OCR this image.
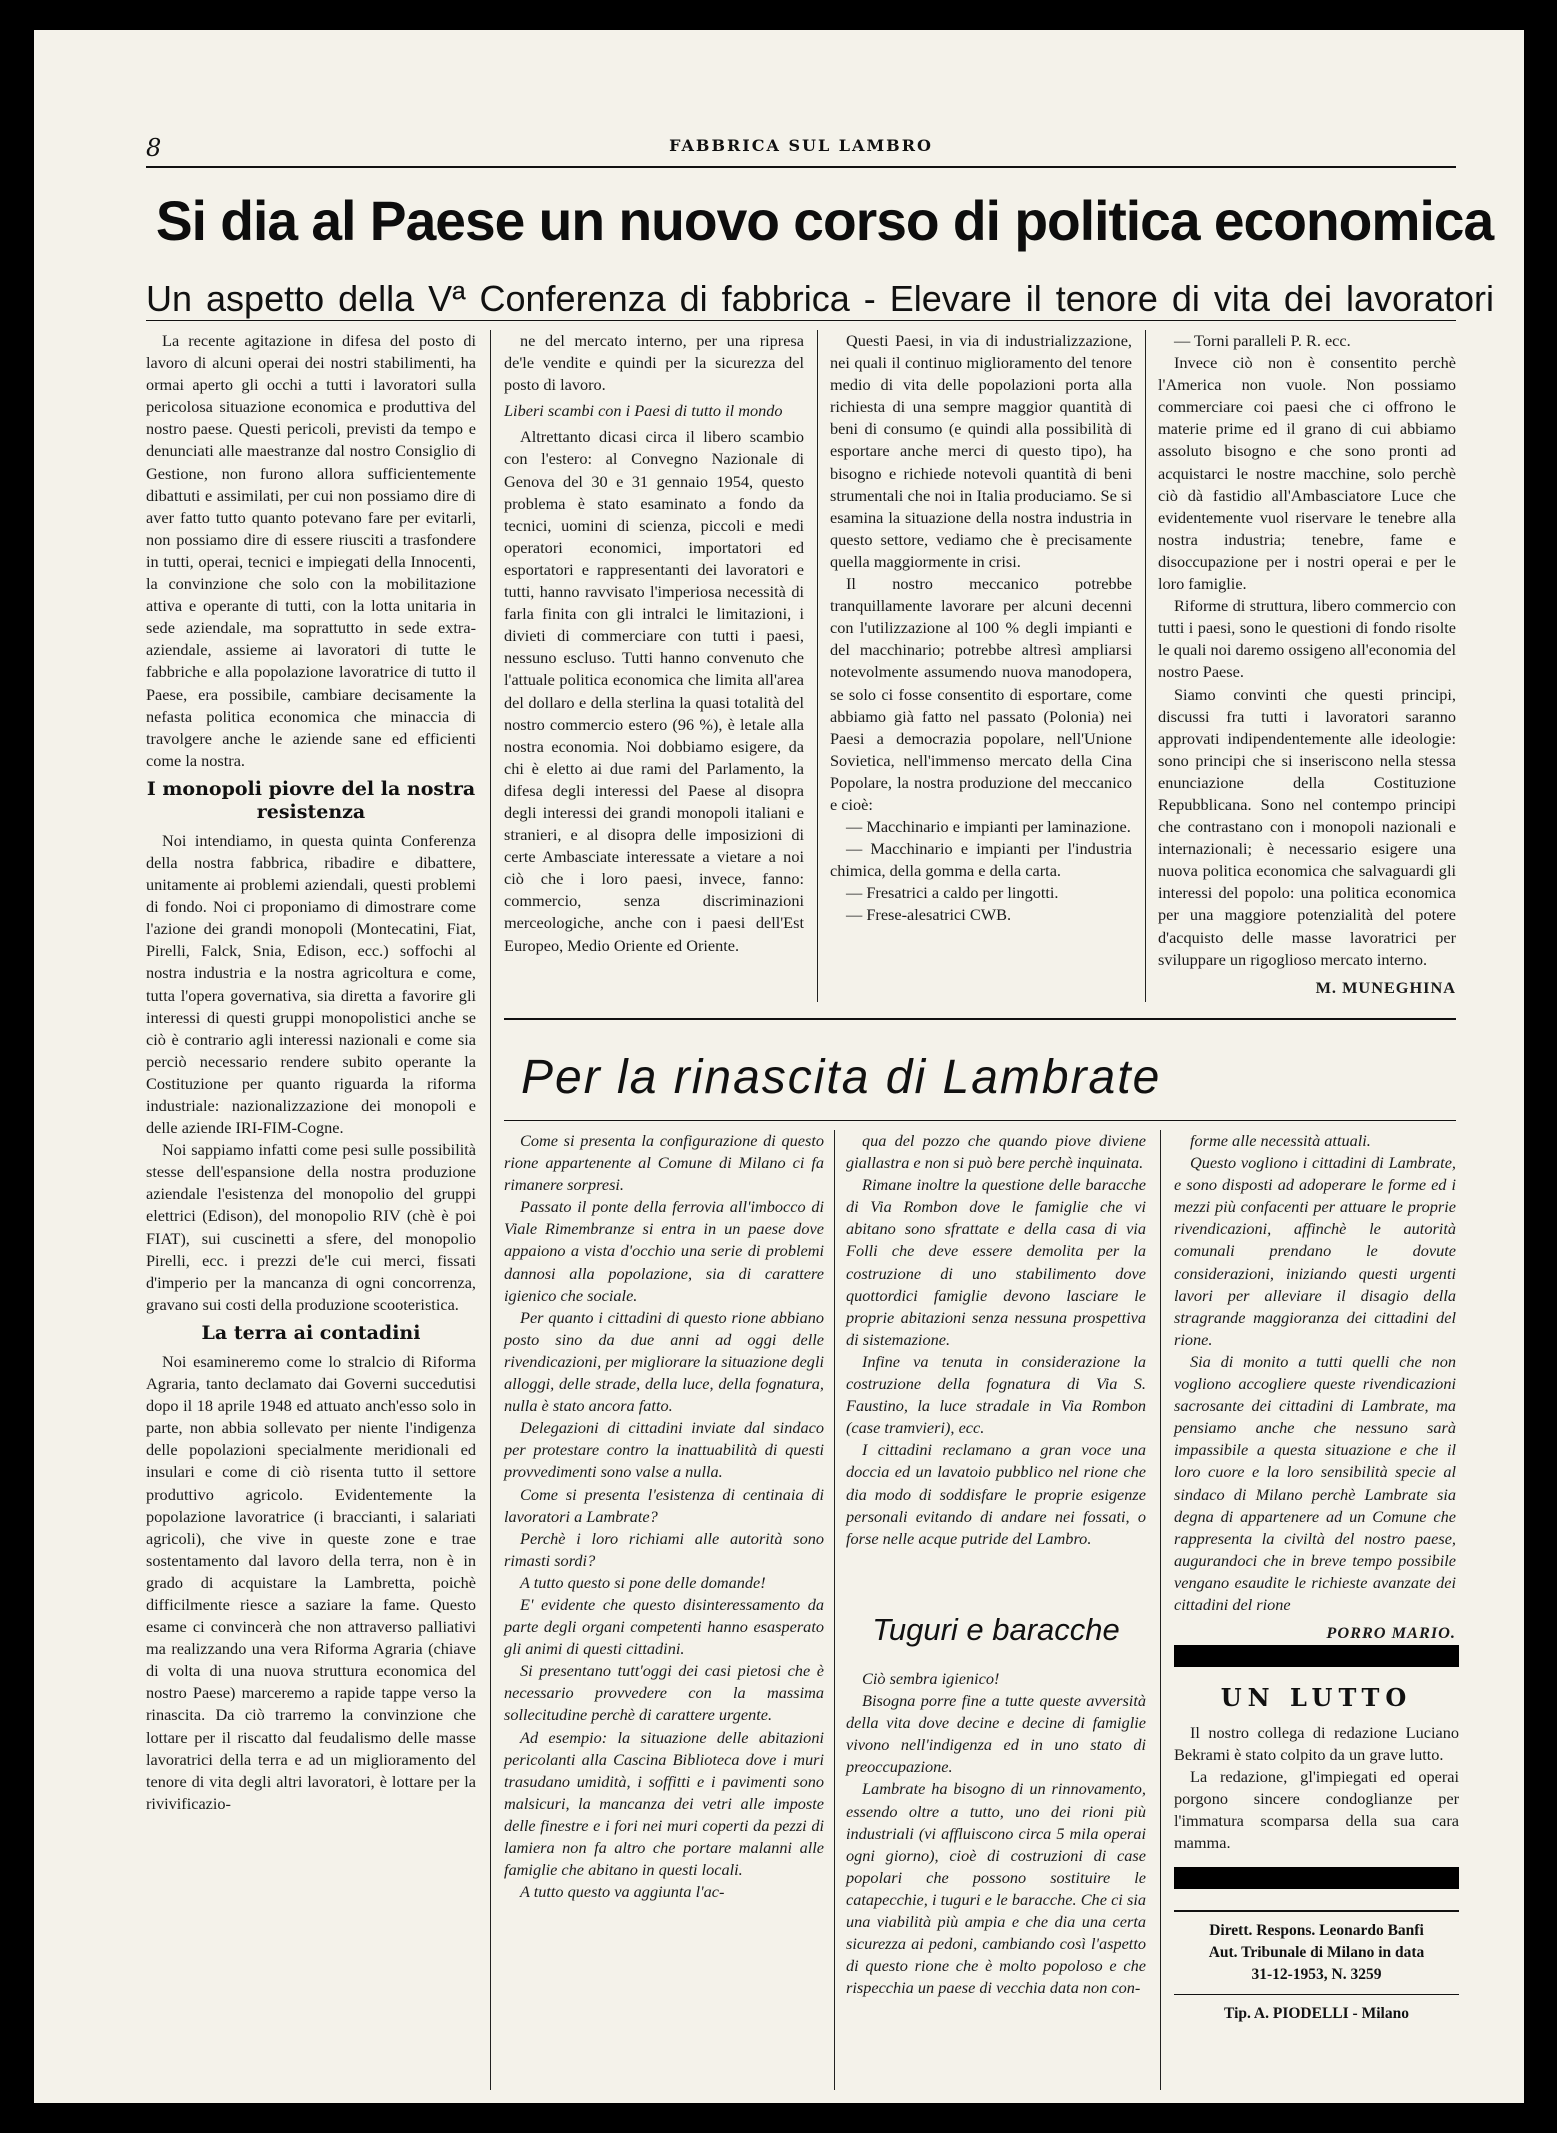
8	FABBRICA SUL LAMBRO
Si dia al Paese un nuovo corso di politica economica
Un aspetto della Vª Conferenza di fabbrica - Elevare il tenore di vita dei lavoratori

La recente agitazione in difesa del posto di lavoro di alcuni operai dei nostri stabilimenti, ha ormai aperto gli occhi a tutti i lavoratori sulla pericolosa situazione economica e produttiva del nostro paese. Questi pericoli, previsti da tempo e denunciati alle maestranze dal nostro Consiglio di Gestione, non furono allora sufficientemente dibattuti e assimilati, per cui non possiamo dire di aver fatto tutto quanto potevano fare per evitarli, non possiamo dire di essere riusciti a trasfondere in tutti, operai, tecnici e impiegati della Innocenti, la convinzione che solo con la mobilitazione attiva e operante di tutti, con la lotta unitaria in sede aziendale, ma soprattutto in sede extra-aziendale, assieme ai lavoratori di tutte le fabbriche e alla popolazione lavoratrice di tutto il Paese, era possibile, cambiare decisamente la nefasta politica economica che minaccia di travolgere anche le aziende sane ed efficienti come la nostra.

I monopoli piovre del la nostra resistenza

Noi intendiamo, in questa quinta Conferenza della nostra fabbrica, ribadire e dibattere, unitamente ai problemi aziendali, questi problemi di fondo. Noi ci proponiamo di dimostrare come l'azione dei grandi monopoli (Montecatini, Fiat, Pirelli, Falck, Snia, Edison, ecc.) soffochi al nostra industria e la nostra agricoltura e come, tutta l'opera governativa, sia diretta a favorire gli interessi di questi gruppi monopolistici anche se ciò è contrario agli interessi nazionali e come sia perciò necessario rendere subito operante la Costituzione per quanto riguarda la riforma industriale: nazionalizzazione dei monopoli e delle aziende IRI-FIM-Cogne.

Noi sappiamo infatti come pesi sulle possibilità stesse dell'espansione della nostra produzione aziendale l'esistenza del monopolio del gruppi elettrici (Edison), del monopolio RIV (chè è poi FIAT), sui cuscinetti a sfere, del monopolio Pirelli, ecc. i prezzi de'le cui merci, fissati d'imperio per la mancanza di ogni concorrenza, gravano sui costi della produzione scooteristica.

La terra ai contadini

Noi esamineremo come lo stralcio di Riforma Agraria, tanto declamato dai Governi succedutisi dopo il 18 aprile 1948 ed attuato anch'esso solo in parte, non abbia sollevato per niente l'indigenza delle popolazioni specialmente meridionali ed insulari e come di ciò risenta tutto il settore produttivo agricolo. Evidentemente la popolazione lavoratrice (i braccianti, i salariati agricoli), che vive in queste zone e trae sostentamento dal lavoro della terra, non è in grado di acquistare la Lambretta, poichè difficilmente riesce a saziare la fame. Questo esame ci convincerà che non attraverso palliativi ma realizzando una vera Riforma Agraria (chiave di volta di una nuova struttura economica del nostro Paese) marceremo a rapide tappe verso la rinascita. Da ciò trarremo la convinzione che lottare per il riscatto dal feudalismo delle masse lavoratrici della terra e ad un miglioramento del tenore di vita degli altri lavoratori, è lottare per la rivivificazio-

ne del mercato interno, per una ripresa de'le vendite e quindi per la sicurezza del posto di lavoro.

Liberi scambi con i Paesi di tutto il mondo

Altrettanto dicasi circa il libero scambio con l'estero: al Convegno Nazionale di Genova del 30 e 31 gennaio 1954, questo problema è stato esaminato a fondo da tecnici, uomini di scienza, piccoli e medi operatori economici, importatori ed esportatori e rappresentanti dei lavoratori e tutti, hanno ravvisato l'imperiosa necessità di farla finita con gli intralci le limitazioni, i divieti di commerciare con tutti i paesi, nessuno escluso. Tutti hanno convenuto che l'attuale politica economica che limita all'area del dollaro e della sterlina la quasi totalità del nostro commercio estero (96 %), è letale alla nostra economia. Noi dobbiamo esigere, da chi è eletto ai due rami del Parlamento, la difesa degli interessi del Paese al disopra degli interessi dei grandi monopoli italiani e stranieri, e al disopra delle imposizioni di certe Ambasciate interessate a vietare a noi ciò che i loro paesi, invece, fanno: commercio, senza discriminazioni merceologiche, anche con i paesi dell'Est Europeo, Medio Oriente ed Oriente.

Questi Paesi, in via di industrializzazione, nei quali il continuo miglioramento del tenore medio di vita delle popolazioni porta alla richiesta di una sempre maggior quantità di beni di consumo (e quindi alla possibilità di esportare anche merci di questo tipo), ha bisogno e richiede notevoli quantità di beni strumentali che noi in Italia produciamo. Se si esamina la situazione della nostra industria in questo settore, vediamo che è precisamente quella maggiormente in crisi.

Il nostro meccanico potrebbe tranquillamente lavorare per alcuni decenni con l'utilizzazione al 100 % degli impianti e del macchinario; potrebbe altresì ampliarsi notevolmente assumendo nuova manodopera, se solo ci fosse consentito di esportare, come abbiamo già fatto nel passato (Polonia) nei Paesi a democrazia popolare, nell'Unione Sovietica, nell'immenso mercato della Cina Popolare, la nostra produzione del meccanico e cioè:

— Macchinario e impianti per laminazione.

— Macchinario e impianti per l'industria chimica, della gomma e della carta.

— Fresatrici a caldo per lingotti.

— Frese-alesatrici CWB.

— Torni paralleli P. R. ecc.

Invece ciò non è consentito perchè l'America non vuole. Non possiamo commerciare coi paesi che ci offrono le materie prime ed il grano di cui abbiamo assoluto bisogno e che sono pronti ad acquistarci le nostre macchine, solo perchè ciò dà fastidio all'Ambasciatore Luce che evidentemente vuol riservare le tenebre alla nostra industria; tenebre, fame e disoccupazione per i nostri operai e per le loro famiglie.

Riforme di struttura, libero commercio con tutti i paesi, sono le questioni di fondo risolte le quali noi daremo ossigeno all'economia del nostro Paese.

Siamo convinti che questi principi, discussi fra tutti i lavoratori saranno approvati indipendentemente alle ideologie: sono principi che si inseriscono nella stessa enunciazione della Costituzione Repubblicana. Sono nel contempo principi che contrastano con i monopoli nazionali e internazionali; è necessario esigere una nuova politica economica che salvaguardi gli interessi del popolo: una politica economica per una maggiore potenzialità del potere d'acquisto delle masse lavoratrici per sviluppare un rigoglioso mercato interno.

M. MUNEGHINA
Per la rinascita di Lambrate

Come si presenta la configurazione di questo rione appartenente al Comune di Milano ci fa rimanere sorpresi.

Passato il ponte della ferrovia all'imbocco di Viale Rimembranze si entra in un paese dove appaiono a vista d'occhio una serie di problemi dannosi alla popolazione, sia di carattere igienico che sociale.

Per quanto i cittadini di questo rione abbiano posto sino da due anni ad oggi delle rivendicazioni, per migliorare la situazione degli alloggi, delle strade, della luce, della fognatura, nulla è stato ancora fatto.

Delegazioni di cittadini inviate dal sindaco per protestare contro la inattuabilità di questi provvedimenti sono valse a nulla.

Come si presenta l'esistenza di centinaia di lavoratori a Lambrate?

Perchè i loro richiami alle autorità sono rimasti sordi?

A tutto questo si pone delle domande!

E' evidente che questo disinteressamento da parte degli organi competenti hanno esasperato gli animi di questi cittadini.

Si presentano tutt'oggi dei casi pietosi che è necessario provvedere con la massima sollecitudine perchè di carattere urgente.

Ad esempio: la situazione delle abitazioni pericolanti alla Cascina Biblioteca dove i muri trasudano umidità, i soffitti e i pavimenti sono malsicuri, la mancanza dei vetri alle imposte delle finestre e i fori nei muri coperti da pezzi di lamiera non fa altro che portare malanni alle famiglie che abitano in questi locali.

A tutto questo va aggiunta l'ac-

qua del pozzo che quando piove diviene giallastra e non si può bere perchè inquinata.

Rimane inoltre la questione delle baracche di Via Rombon dove le famiglie che vi abitano sono sfrattate e della casa di via Folli che deve essere demolita per la costruzione di uno stabilimento dove quottordici famiglie devono lasciare le proprie abitazioni senza nessuna prospettiva di sistemazione.

Infine va tenuta in considerazione la costruzione della fognatura di Via S. Faustino, la luce stradale in Via Rombon (case tramvieri), ecc.

I cittadini reclamano a gran voce una doccia ed un lavatoio pubblico nel rione che dia modo di soddisfare le proprie esigenze personali evitando di andare nei fossati, o forse nelle acque putride del Lambro.

Tuguri e baracche

Ciò sembra igienico!

Bisogna porre fine a tutte queste avversità della vita dove decine e decine di famiglie vivono nell'indigenza ed in uno stato di preoccupazione.

Lambrate ha bisogno di un rinnovamento, essendo oltre a tutto, uno dei rioni più industriali (vi affluiscono circa 5 mila operai ogni giorno), cioè di costruzioni di case popolari che possono sostituire le catapecchie, i tuguri e le baracche. Che ci sia una viabilità più ampia e che dia una certa sicurezza ai pedoni, cambiando così l'aspetto di questo rione che è molto popoloso e che rispecchia un paese di vecchia data non con-

forme alle necessità attuali.

Questo vogliono i cittadini di Lambrate, e sono disposti ad adoperare le forme ed i mezzi più confacenti per attuare le proprie rivendicazioni, affinchè le autorità comunali prendano le dovute considerazioni, iniziando questi urgenti lavori per alleviare il disagio della stragrande maggioranza dei cittadini del rione.

Sia di monito a tutti quelli che non vogliono accogliere queste rivendicazioni sacrosante dei cittadini di Lambrate, ma pensiamo anche che nessuno sarà impassibile a questa situazione e che il loro cuore e la loro sensibilità specie al sindaco di Milano perchè Lambrate sia degna di appartenere ad un Comune che rappresenta la civiltà del nostro paese, augurandoci che in breve tempo possibile vengano esaudite le richieste avanzate dei cittadini del rione

PORRO MARIO.
UN LUTTO

Il nostro collega di redazione Luciano Bekrami è stato colpito da un grave lutto.

La redazione, gl'impiegati ed operai porgono sincere condoglianze per l'immatura scomparsa della sua cara mamma.

Dirett. Respons. Leonardo Banfi
Aut. Tribunale di Milano in data
31-12-1953, N. 3259
Tip. A. PIODELLI - Milano
